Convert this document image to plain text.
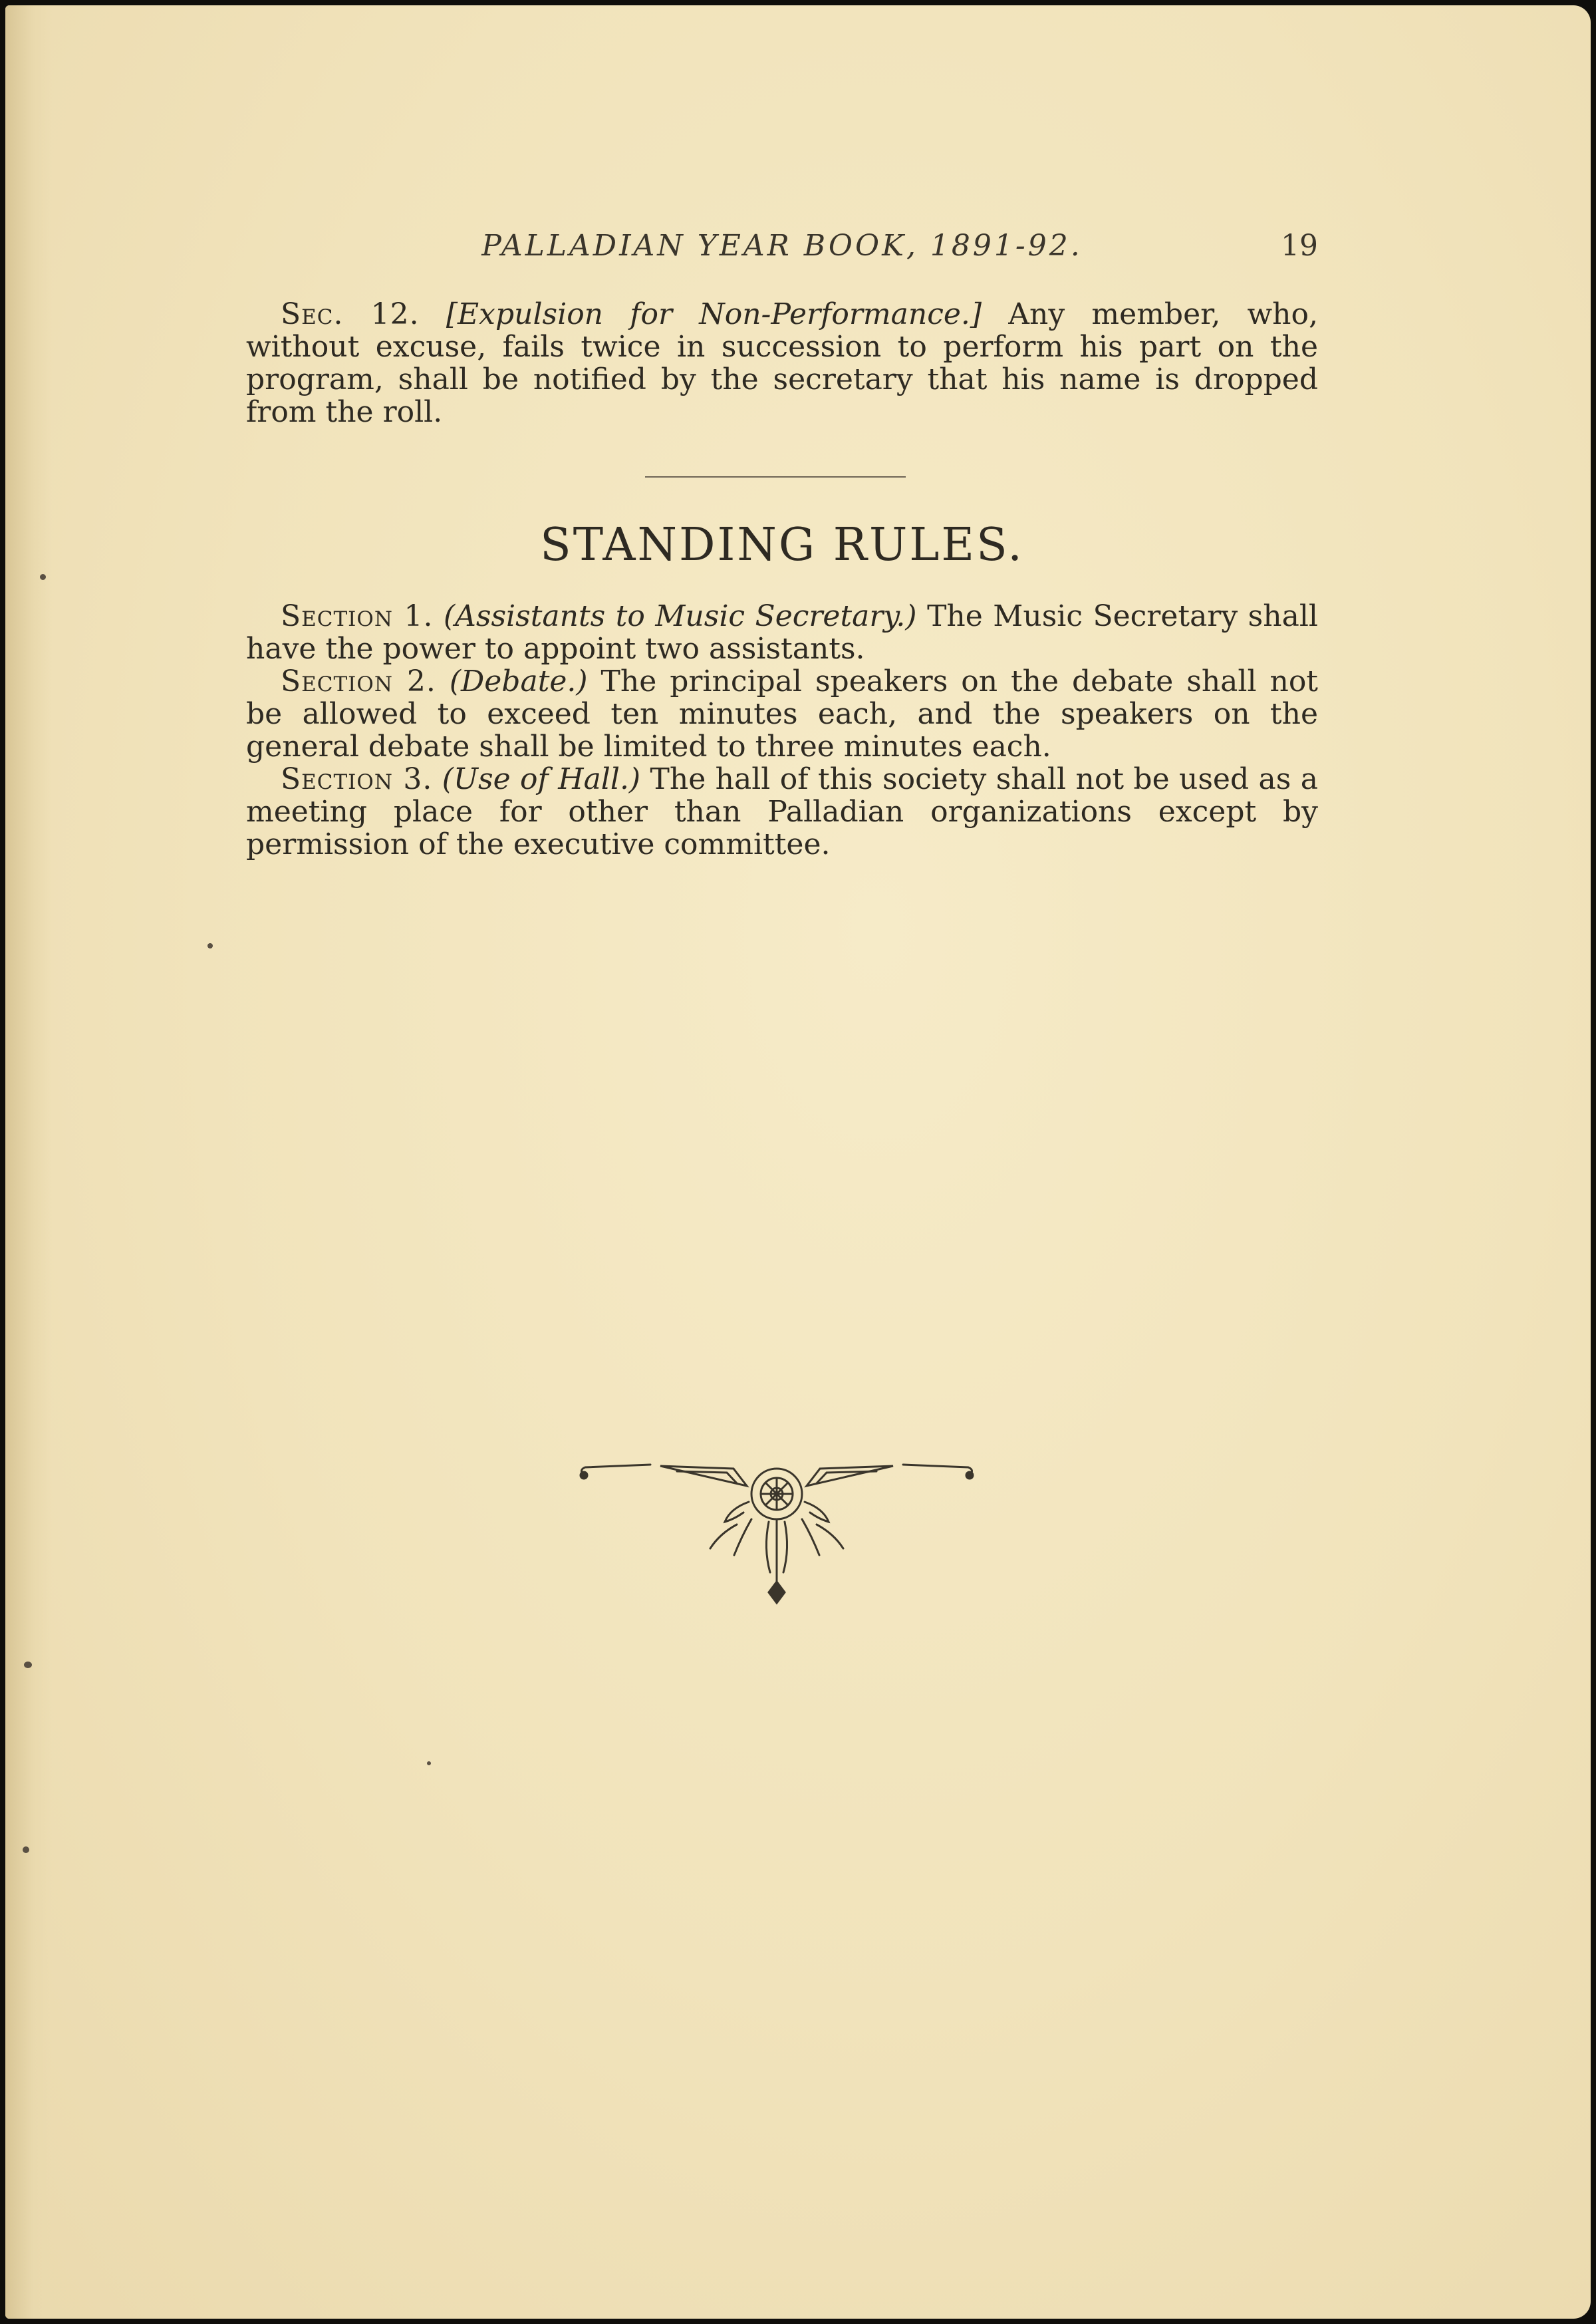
PALLADIAN YEAR BOOK, 1891-92.	19

Sec. 12. [Expulsion for Non-Performance.] Any member, who, without excuse, fails twice in succession to perform his part on the program, shall be notified by the secretary that his name is dropped from the roll.

STANDING RULES.

Section 1. (Assistants to Music Secretary.) The Music Secretary shall have the power to appoint two assistants.

Section 2. (Debate.) The principal speakers on the debate shall not be allowed to exceed ten minutes each, and the speakers on the general debate shall be limited to three minutes each.

Section 3. (Use of Hall.) The hall of this society shall not be used as a meeting place for other than Palladian organizations except by permission of the executive committee.
